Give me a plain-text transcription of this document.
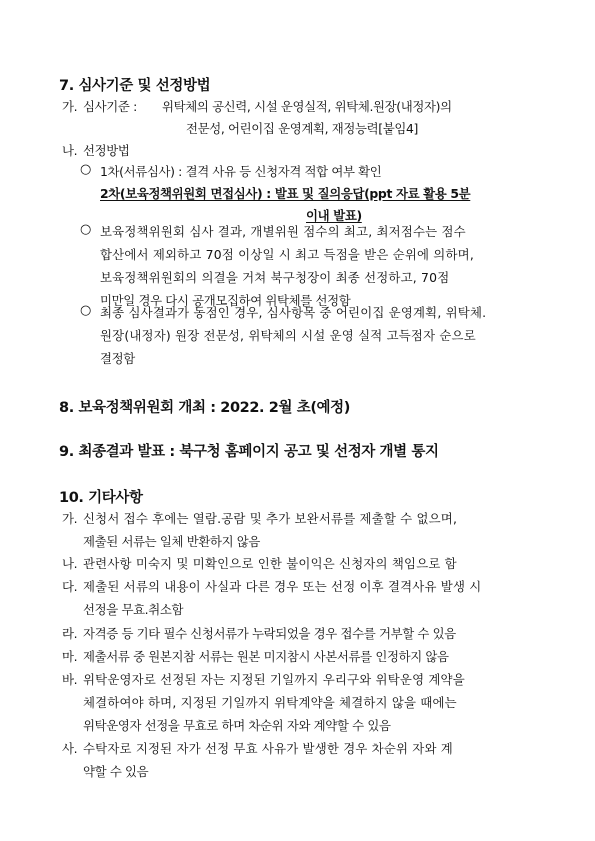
7. 심사기준 및 선정방법
가. 심사기준 : 위탁체의 공신력, 시설 운영실적, 위탁체.원장(내정자)의
전문성, 어린이집 운영계획, 재정능력[붙임4]
나. 선정방법
○ 1차(서류심사) : 결격 사유 등 신청자격 적합 여부 확인
2차(보육정책위원회 면접심사) : 발표 및 질의응답(ppt 자료 활용 5분
이내 발표)
○ 보육정책위원회 심사 결과, 개별위원 점수의 최고, 최저점수는 점수
합산에서 제외하고 70점 이상일 시 최고 득점을 받은 순위에 의하며,
보육정책위원회의 의결을 거쳐 북구청장이 최종 선정하고, 70점
미만일 경우 다시 공개모집하여 위탁체를 선정함
○ 최종 심사결과가 동점인 경우, 심사항목 중 어린이집 운영계획, 위탁체.
원장(내정자) 원장 전문성, 위탁체의 시설 운영 실적 고득점자 순으로
결정함
8. 보육정책위원회 개최 : 2022. 2월 초(예정)
9. 최종결과 발표 : 북구청 홈페이지 공고 및 선정자 개별 통지
10. 기타사항
가. 신청서 접수 후에는 열람.공람 및 추가 보완서류를 제출할 수 없으며,
제출된 서류는 일체 반환하지 않음
나. 관련사항 미숙지 및 미확인으로 인한 불이익은 신청자의 책임으로 함
다. 제출된 서류의 내용이 사실과 다른 경우 또는 선정 이후 결격사유 발생 시
선정을 무효.취소함
라. 자격증 등 기타 필수 신청서류가 누락되었을 경우 접수를 거부할 수 있음
마. 제출서류 중 원본지참 서류는 원본 미지참시 사본서류를 인정하지 않음
바. 위탁운영자로 선정된 자는 지정된 기일까지 우리구와 위탁운영 계약을
체결하여야 하며, 지정된 기일까지 위탁계약을 체결하지 않을 때에는
위탁운영자 선정을 무효로 하며 차순위 자와 계약할 수 있음
사. 수탁자로 지정된 자가 선정 무효 사유가 발생한 경우 차순위 자와 계
약할 수 있음
